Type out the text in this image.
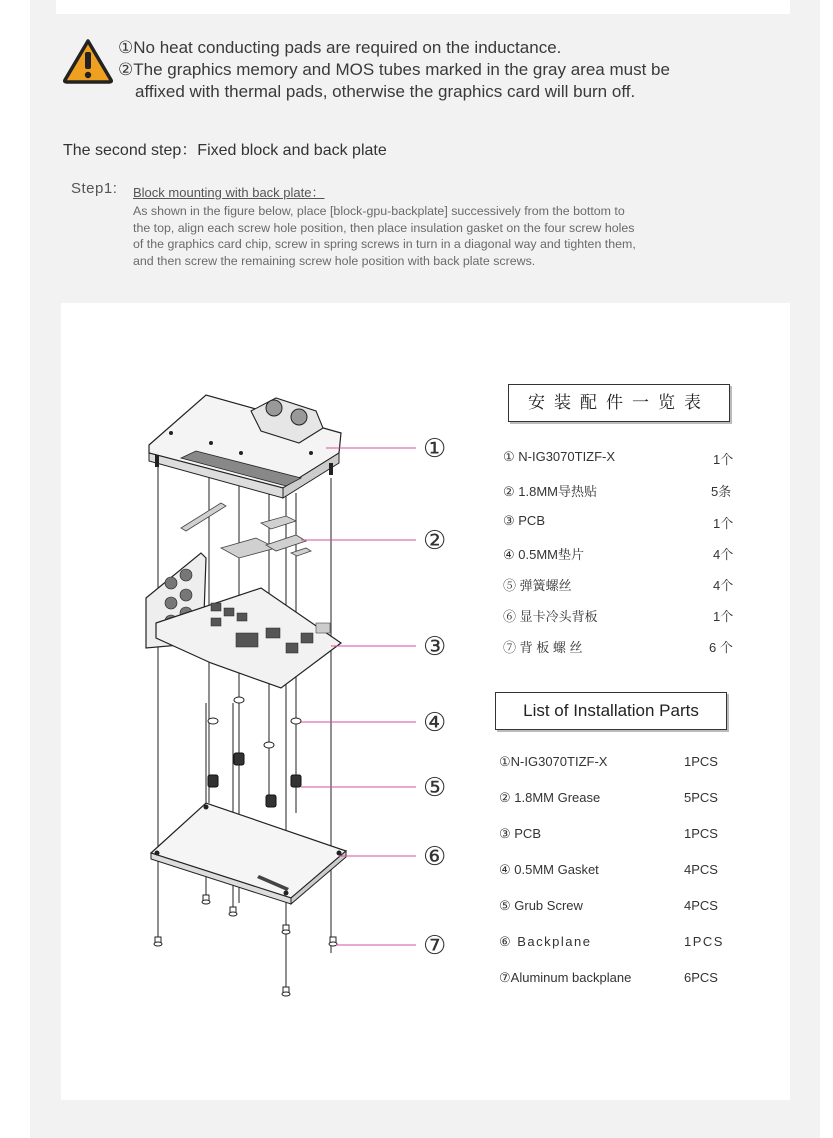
①No heat conducting pads are required on the inductance.
②The graphics memory and MOS tubes marked in the gray area must be
affixed with thermal pads, otherwise the graphics card will burn off.
The second step：Fixed block and back plate
Step1: Block mounting with back plate：
As shown in the figure below, place [block-gpu-backplate] successively from the bottom to
the top, align each screw hole position, then place insulation gasket on the four screw holes
of the graphics card chip, screw in spring screws in turn in a diagonal way and tighten them,
and then screw the remaining screw hole position with back plate screws.
①
②
③
④
⑤
⑥
⑦
安装配件一览表
① N-IG3070TIZF-X	1个
② 1.8MM导热贴	5条
③ PCB	1个
④ 0.5MM垫片	4个
⑤ 弹簧螺丝	4个
⑥ 显卡冷头背板	1个
⑦ 背 板 螺 丝	6 个
List of Installation Parts
①N-IG3070TIZF-X	1PCS
② 1.8MM Grease	5PCS
③ PCB	1PCS
④ 0.5MM Gasket	4PCS
⑤ Grub Screw	4PCS
⑥ Backplane	1PCS
⑦Aluminum backplane	6PCS
